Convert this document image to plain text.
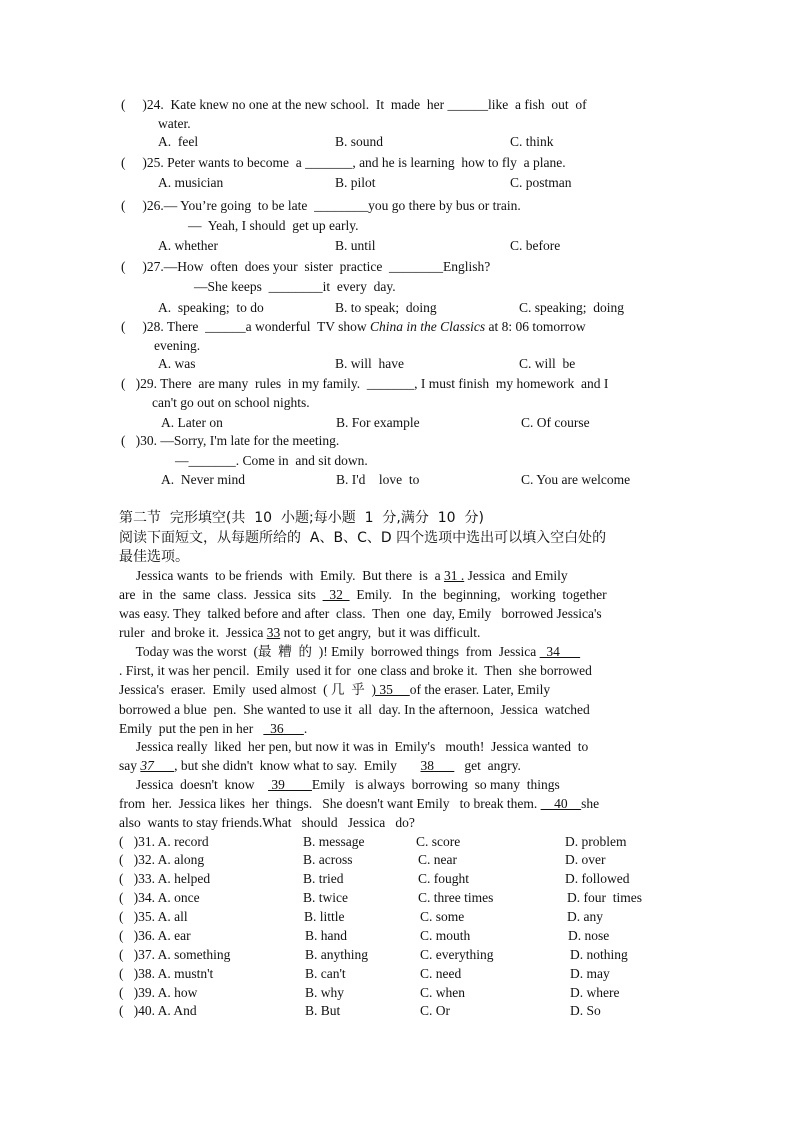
(     )24.  Kate knew no one at the new school.  It  made  her ______like  a fish  out  of
water.
A.  feel	B. sound	C. think
(     )25. Peter wants to become  a _______, and he is learning  how to fly  a plane.
A. musician	B. pilot	C. postman
(     )26.— You’re going  to be late  ________you go there by bus or train.
—  Yeah, I should  get up early.
A. whether	B. until	C. before
(     )27.—How  often  does your  sister  practice  ________English?
—She keeps  ________it  every  day.
A.  speaking;  to do	B. to speak;  doing	C. speaking;  doing
(     )28. There  ______a wonderful  TV show China in the Classics at 8: 06 tomorrow
evening.
A. was	B. will  have	C. will  be
(   )29. There  are many  rules  in my family.  _______, I must finish  my homework  and I
can't go out on school nights.
A. Later on	B. For example	C. Of course
(   )30. —Sorry, I'm late for the meeting.
—_______. Come in  and sit down.
A.  Never mind	B. I'd    love  to	C. You are welcome
第二节  完形填空(共  10  小题;每小题  1  分,满分  10  分)
阅读下面短文，从每题所给的  A、B、C、D 四个选项中选出可以填入空白处的
最佳选项。
Jessica wants  to be friends  with  Emily.  But there  is  a 31 . Jessica  and Emily
are  in  the  same  class.  Jessica  sits    32    Emily.   In  the  beginning,   working  together
was easy. They  talked before and after  class.  Then  one  day, Emily   borrowed Jessica's
ruler  and broke it.  Jessica 33 not to get angry,  but it was difficult.
Today was the worst  (最  糟  的  )! Emily  borrowed things  from  Jessica   34
. First, it was her pencil.  Emily  used it for  one class and broke it.  Then  she borrowed
Jessica's  eraser.  Emily  used almost  ( 几  乎  ) 35     of the eraser. Later, Emily
borrowed a blue  pen.  She wanted to use it  all  day. In the afternoon,  Jessica  watched
Emily  put the pen in her     36      .
Jessica really  liked  her pen, but now it was in  Emily's   mouth!  Jessica wanted  to
say 37      , but she didn't  know what to say.  Emily       38         get  angry.
Jessica  doesn't  know     39        Emily   is always  borrowing  so many  things
from  her.  Jessica likes  her  things.   She doesn't want Emily   to break them.     40    she
also  wants to stay friends.What   should   Jessica   do?
(   )31. A. record	B. message	C. score	D. problem
(   )32. A. along	B. across	C. near	D. over
(   )33. A. helped	B. tried	C. fought	D. followed
(   )34. A. once	B. twice	C. three times	D. four  times
(   )35. A. all	B. little	C. some	D. any
(   )36. A. ear	B. hand	C. mouth	D. nose
(   )37. A. something	B. anything	C. everything	D. nothing
(   )38. A. mustn't	B. can't	C. need	D. may
(   )39. A. how	B. why	C. when	D. where
(   )40. A. And	B. But	C. Or	D. So
